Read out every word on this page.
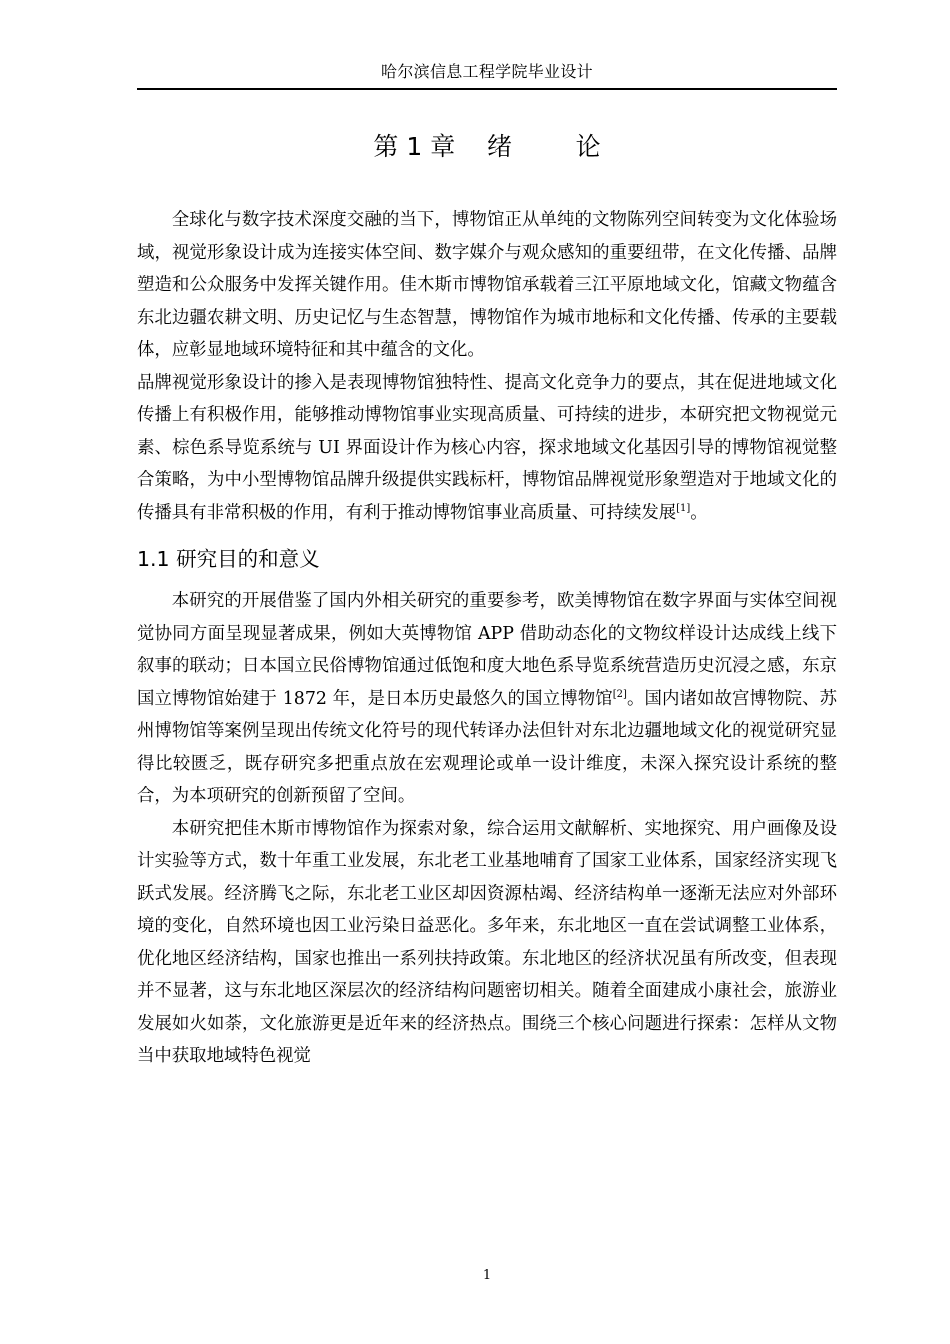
哈尔滨信息工程学院毕业设计
第 1 章    绪        论

全球化与数字技术深度交融的当下，博物馆正从单纯的文物陈列空间转变为文化体验场域，视觉形象设计成为连接实体空间、数字媒介与观众感知的重要纽带，在文化传播、品牌塑造和公众服务中发挥关键作用。佳木斯市博物馆承载着三江平原地域文化，馆藏文物蕴含东北边疆农耕文明、历史记忆与生态智慧，博物馆作为城市地标和文化传播、传承的主要载体，应彰显地域环境特征和其中蕴含的文化。

品牌视觉形象设计的掺入是表现博物馆独特性、提高文化竞争力的要点，其在促进地域文化传播上有积极作用，能够推动博物馆事业实现高质量、可持续的进步，本研究把文物视觉元素、棕色系导览系统与 UI 界面设计作为核心内容，探求地域文化基因引导的博物馆视觉整合策略，为中小型博物馆品牌升级提供实践标杆，博物馆品牌视觉形象塑造对于地域文化的传播具有非常积极的作用，有利于推动博物馆事业高质量、可持续发展[1]。

1.1 研究目的和意义

本研究的开展借鉴了国内外相关研究的重要参考，欧美博物馆在数字界面与实体空间视觉协同方面呈现显著成果，例如大英博物馆 APP 借助动态化的文物纹样设计达成线上线下叙事的联动；日本国立民俗博物馆通过低饱和度大地色系导览系统营造历史沉浸之感，东京国立博物馆始建于 1872 年，是日本历史最悠久的国立博物馆[2]。国内诸如故宫博物院、苏州博物馆等案例呈现出传统文化符号的现代转译办法但针对东北边疆地域文化的视觉研究显得比较匮乏，既存研究多把重点放在宏观理论或单一设计维度，未深入探究设计系统的整合，为本项研究的创新预留了空间。

本研究把佳木斯市博物馆作为探索对象，综合运用文献解析、实地探究、用户画像及设计实验等方式，数十年重工业发展，东北老工业基地哺育了国家工业体系，国家经济实现飞跃式发展。经济腾飞之际，东北老工业区却因资源枯竭、经济结构单一逐渐无法应对外部环境的变化，自然环境也因工业污染日益恶化。多年来，东北地区一直在尝试调整工业体系，优化地区经济结构，国家也推出一系列扶持政策。东北地区的经济状况虽有所改变，但表现并不显著，这与东北地区深层次的经济结构问题密切相关。随着全面建成小康社会，旅游业发展如火如荼，文化旅游更是近年来的经济热点。围绕三个核心问题进行探索：怎样从文物当中获取地域特色视觉

1
